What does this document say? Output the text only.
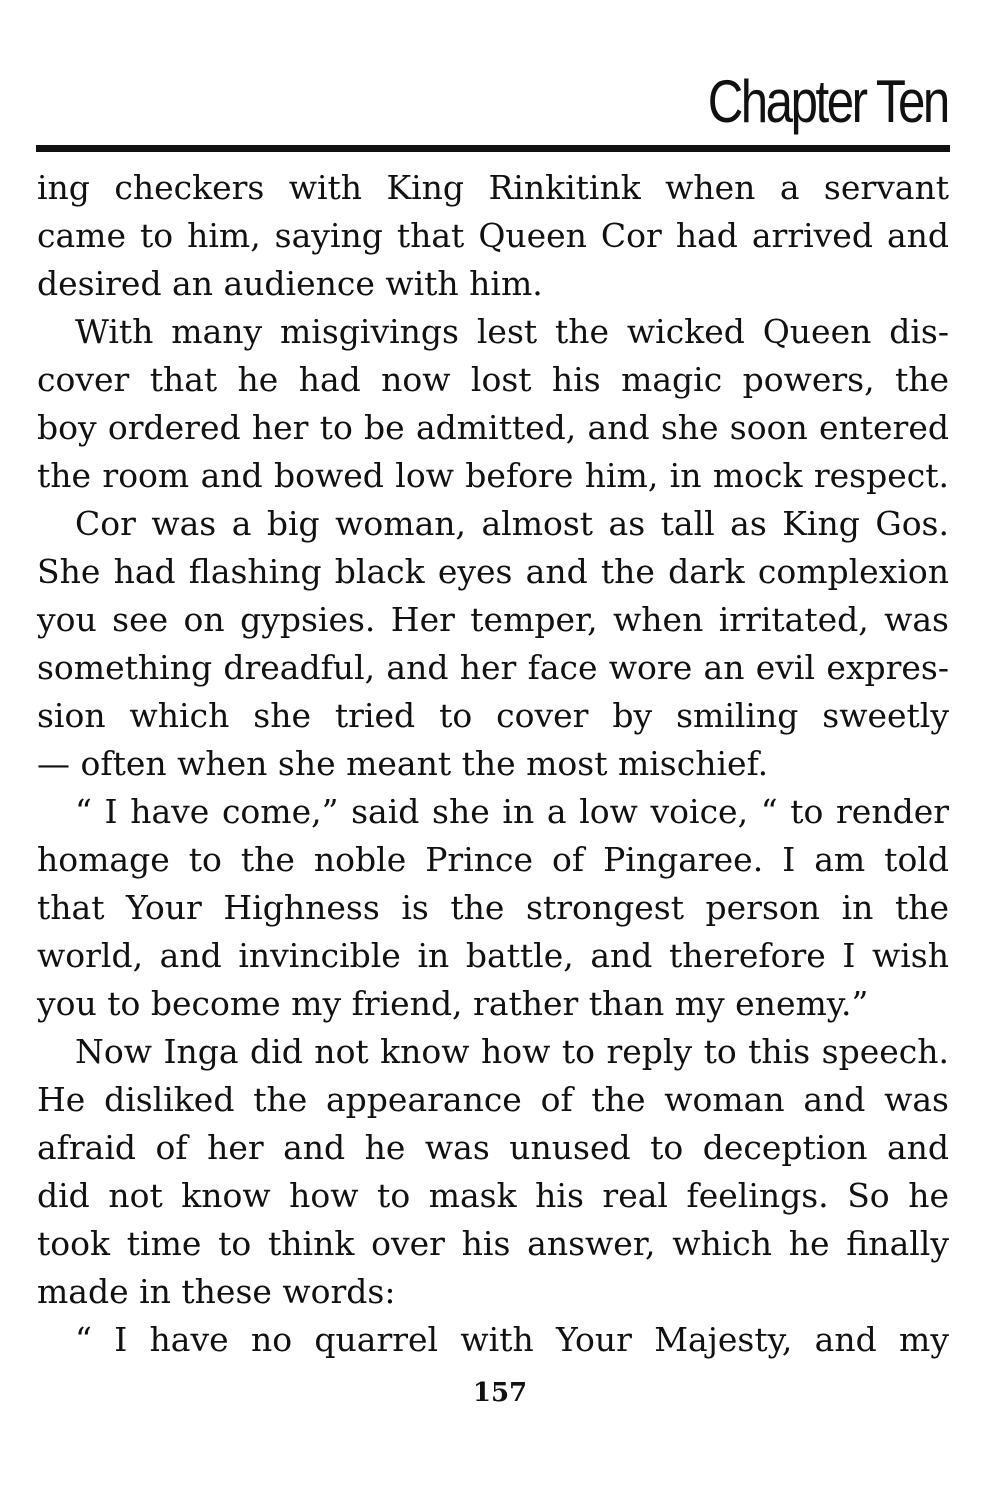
Chapter Ten
ing checkers with King Rinkitink when a servant
came to him, saying that Queen Cor had arrived and
desired an audience with him.
With many misgivings lest the wicked Queen dis-
cover that he had now lost his magic powers, the
boy ordered her to be admitted, and she soon entered
the room and bowed low before him, in mock respect.
Cor was a big woman, almost as tall as King Gos.
She had flashing black eyes and the dark complexion
you see on gypsies. Her temper, when irritated, was
something dreadful, and her face wore an evil expres-
sion which she tried to cover by smiling sweetly
— often when she meant the most mischief.
“ I have come,” said she in a low voice, “ to render
homage to the noble Prince of Pingaree. I am told
that Your Highness is the strongest person in the
world, and invincible in battle, and therefore I wish
you to become my friend, rather than my enemy.”
Now Inga did not know how to reply to this speech.
He disliked the appearance of the woman and was
afraid of her and he was unused to deception and
did not know how to mask his real feelings. So he
took time to think over his answer, which he finally
made in these words:
“ I have no quarrel with Your Majesty, and my
157
